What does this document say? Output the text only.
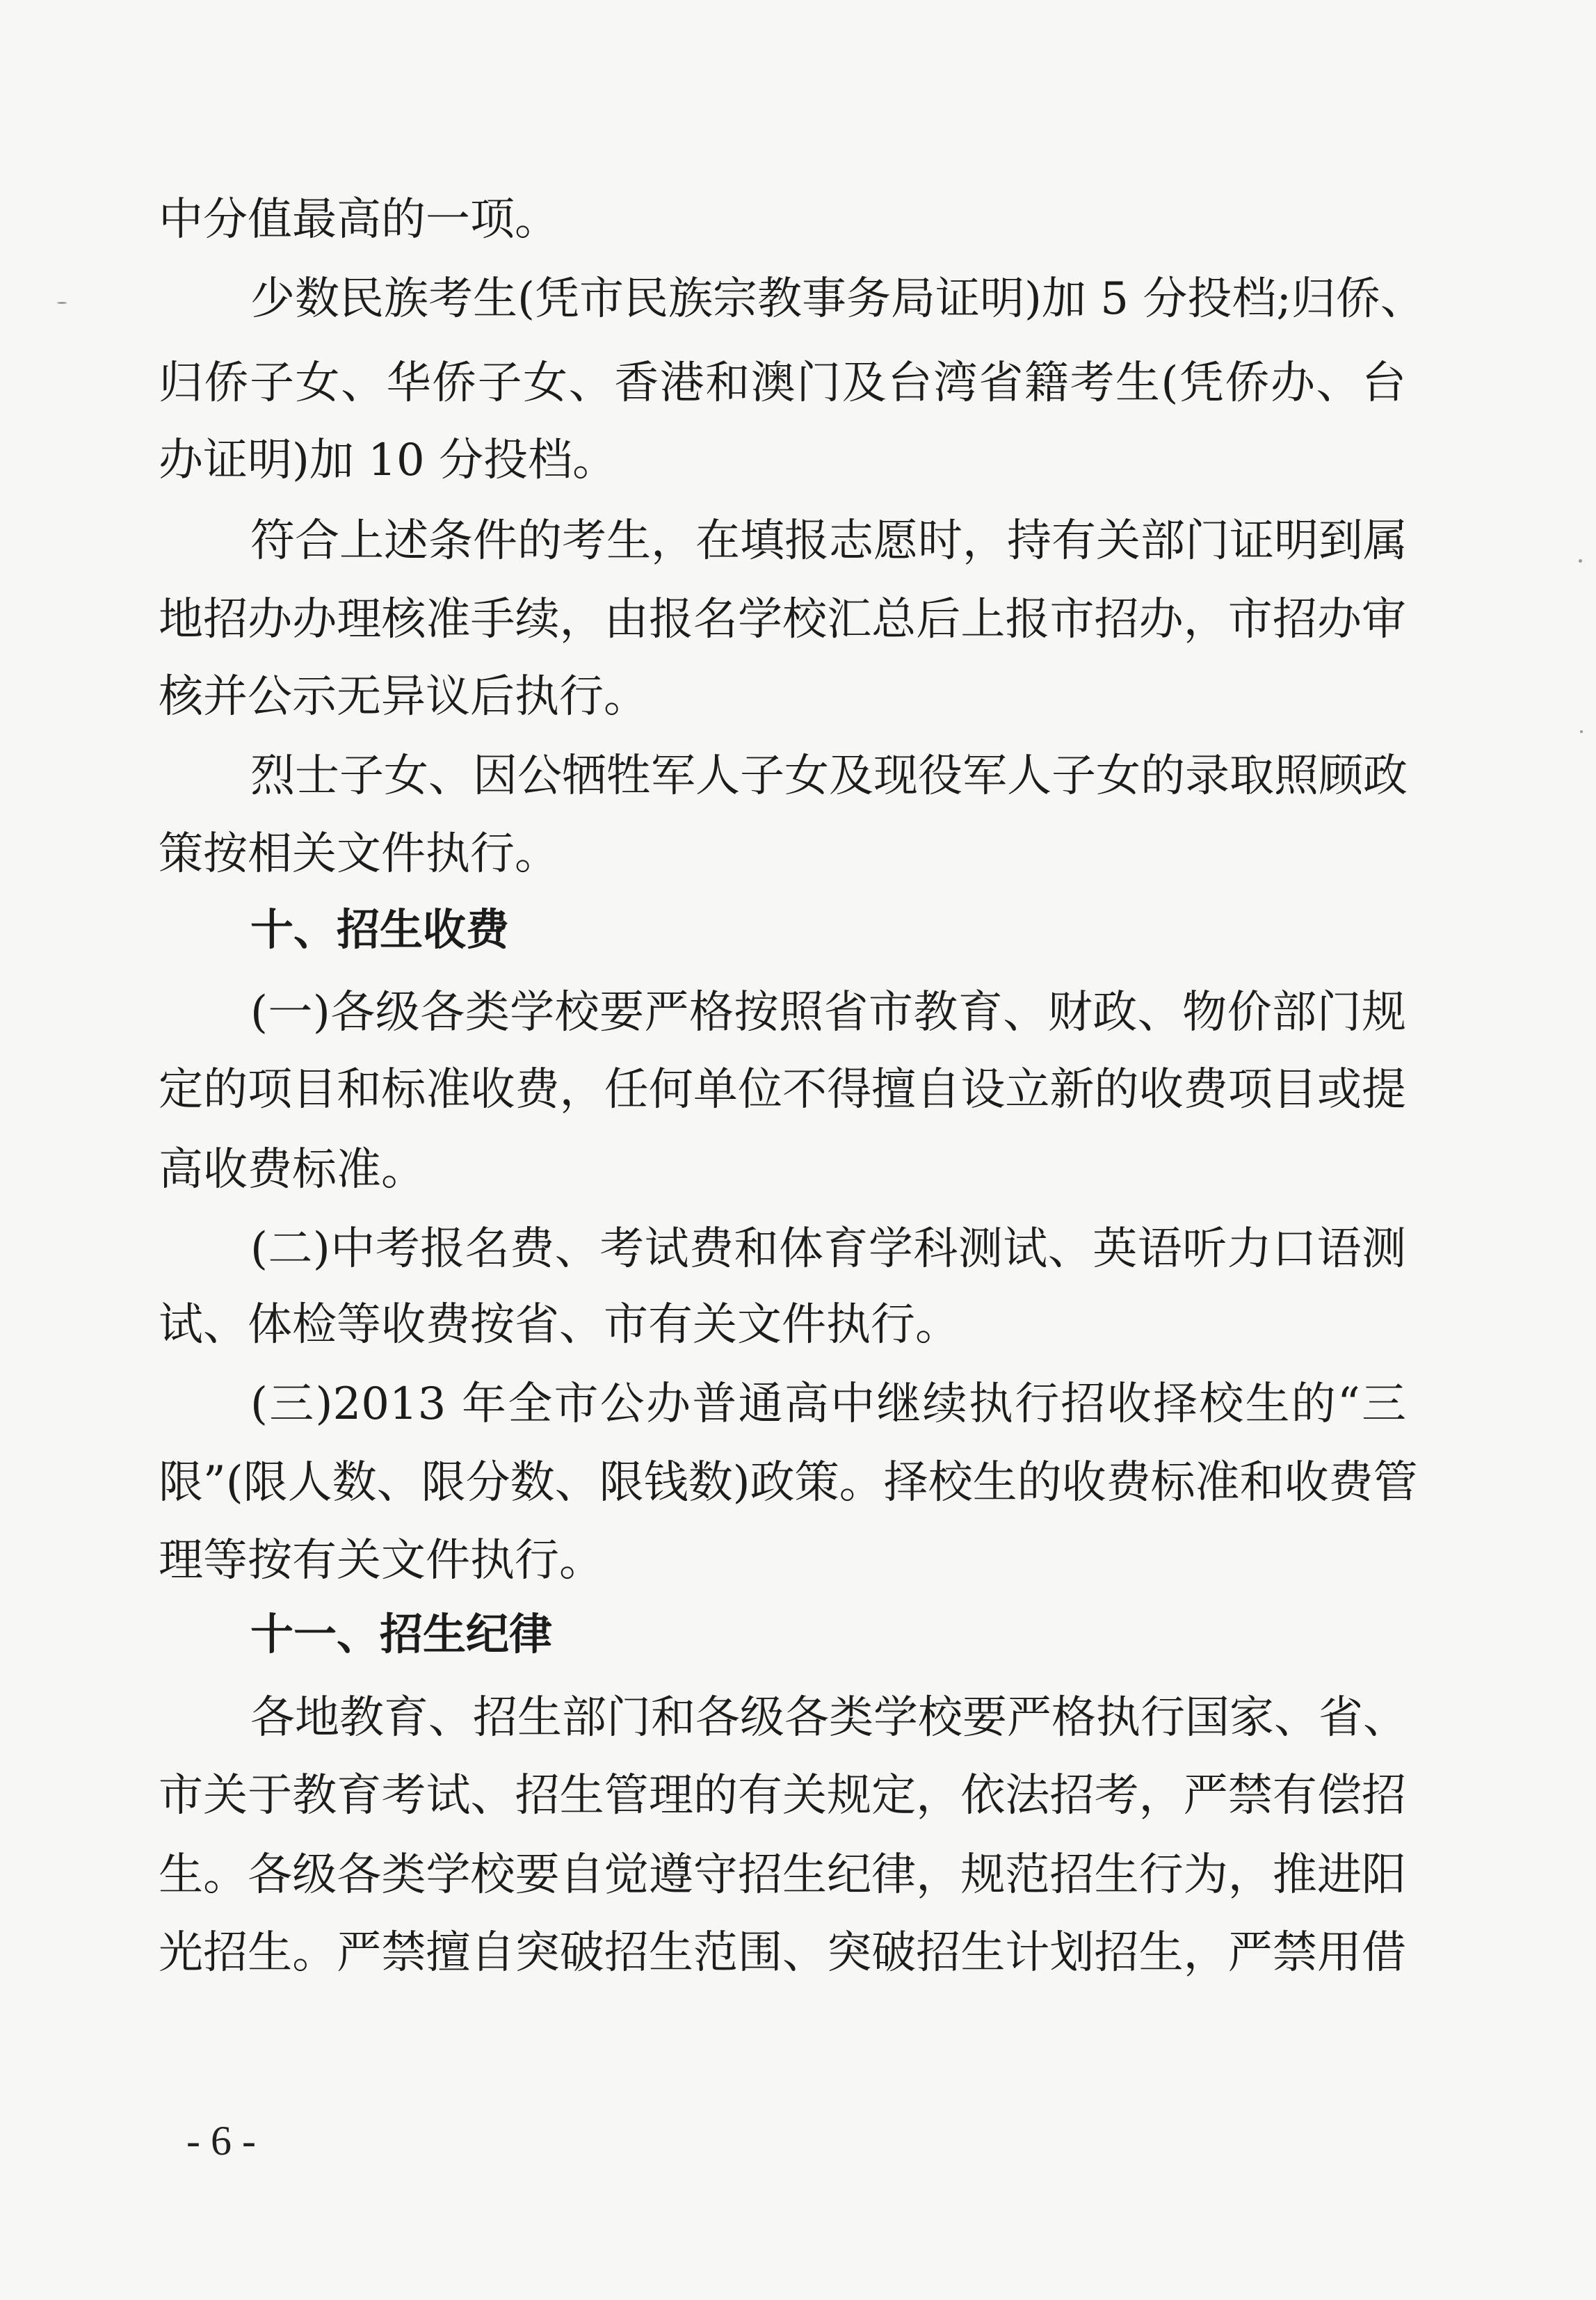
中分值最高的一项。
少数民族考生(凭市民族宗教事务局证明)加 5 分投档;归侨、
归侨子女、华侨子女、香港和澳门及台湾省籍考生(凭侨办、台
办证明)加 10 分投档。
符合上述条件的考生，在填报志愿时，持有关部门证明到属
地招办办理核准手续，由报名学校汇总后上报市招办，市招办审
核并公示无异议后执行。
烈士子女、因公牺牲军人子女及现役军人子女的录取照顾政
策按相关文件执行。
十、招生收费
(一)各级各类学校要严格按照省市教育、财政、物价部门规
定的项目和标准收费，任何单位不得擅自设立新的收费项目或提
高收费标准。
(二)中考报名费、考试费和体育学科测试、英语听力口语测
试、体检等收费按省、市有关文件执行。
(三)2013 年全市公办普通高中继续执行招收择校生的“三
限”(限人数、限分数、限钱数)政策。择校生的收费标准和收费管
理等按有关文件执行。
十一、招生纪律
各地教育、招生部门和各级各类学校要严格执行国家、省、
市关于教育考试、招生管理的有关规定，依法招考，严禁有偿招
生。各级各类学校要自觉遵守招生纪律，规范招生行为，推进阳
光招生。严禁擅自突破招生范围、突破招生计划招生，严禁用借
- 6 -
